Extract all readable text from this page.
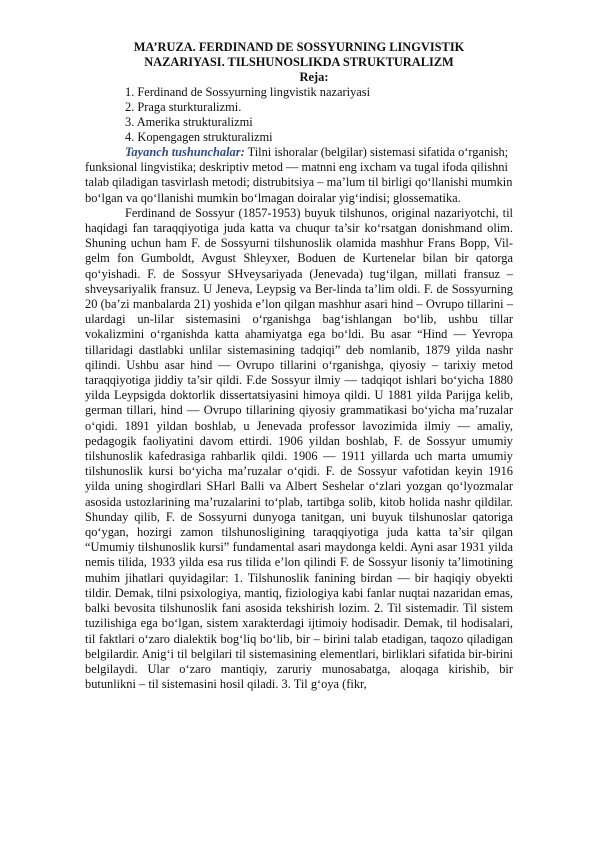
MA’RUZA. FERDINAND DE SOSSYURNING LINGVISTIK

NAZARIYASI. TILSHUNOSLIKDA STRUKTURALIZM

Reja:

1. Ferdinand de Sossyurning lingvistik nazariyasi
2. Praga sturkturalizmi.
3. Amerika strukturalizmi
4. Kopengagen strukturalizmi

Tayanch tushunchalar: Tilni ishoralar (belgilar) sistemasi sifatida o‘rganish; funksional lingvistika; deskriptiv metod — matnni eng ixcham va tugal ifoda qilishni talab qiladigan tasvirlash metodi; distrubitsiya – ma’lum til birligi qo‘llanishi mumkin bo‘lgan va qo‘llanishi mumkin bo‘lmagan doiralar yig‘indisi; glossematika.

Ferdinand de Sossyur (1857-1953) buyuk tilshunos, original nazariyotchi, til haqidagi fan taraqqiyotiga juda katta va chuqur ta’sir ko‘rsatgan donishmand olim. Shuning uchun ham F. de Sossyurni tilshunoslik olamida mashhur Frans Bopp, Vil-gelm fon Gumboldt, Avgust Shleyxer, Boduen de Kurtenelar bilan bir qatorga qo‘yishadi. F. de Sossyur SHveysariyada (Jenevada) tug‘ilgan, millati fransuz – shveysariyalik fransuz. U Jeneva, Leypsig va Ber-linda ta’lim oldi. F. de Sossyurning 20 (ba’zi manbalarda 21) yoshida e’lon qilgan mashhur asari hind – Ovrupo tillarini – ulardagi un-lilar sistemasini o‘rganishga bag‘ishlangan bo‘lib, ushbu tillar vokalizmini o‘rganishda katta ahamiyatga ega bo‘ldi. Bu asar “Hind — Yevropa tillaridagi dastlabki unlilar sistemasining tadqiqi” deb nomlanib, 1879 yilda nashr qilindi. Ushbu asar hind — Ovrupo tillarini o‘rganishga, qiyosiy – tarixiy metod taraqqiyotiga jiddiy ta’sir qildi. F.de Sossyur ilmiy — tadqiqot ishlari bo‘yicha 1880 yilda Leypsigda doktorlik dissertatsiyasini himoya qildi. U 1881 yilda Parijga kelib, german tillari, hind — Ovrupo tillarining qiyosiy grammatikasi bo‘yicha ma’ruzalar o‘qidi. 1891 yildan boshlab, u Jenevada professor lavozimida ilmiy — amaliy, pedagogik faoliyatini davom ettirdi. 1906 yildan boshlab, F. de Sossyur umumiy tilshunoslik kafedrasiga rahbarlik qildi. 1906 — 1911 yillarda uch marta umumiy tilshunoslik kursi bo‘yicha ma’ruzalar o‘qidi. F. de Sossyur vafotidan keyin 1916 yilda uning shogirdlari SHarl Balli va Albert Seshelar o‘zlari yozgan qo‘lyozmalar asosida ustozlarining ma’ruzalarini to‘plab, tartibga solib, kitob holida nashr qildilar. Shunday qilib, F. de Sossyurni dunyoga tanitgan, uni buyuk tilshunoslar qatoriga qo‘ygan, hozirgi zamon tilshunosligining taraqqiyotiga juda katta ta’sir qilgan “Umumiy tilshunoslik kursi” fundamental asari maydonga keldi. Ayni asar 1931 yilda nemis tilida, 1933 yilda esa rus tilida e’lon qilindi F. de Sossyur lisoniy ta’limotining muhim jihatlari quyidagilar: 1. Tilshunoslik fanining birdan — bir haqiqiy obyekti tildir. Demak, tilni psixologiya, mantiq, fiziologiya kabi fanlar nuqtai nazaridan emas, balki bevosita tilshunoslik fani asosida tekshirish lozim. 2. Til sistemadir. Til sistem tuzilishiga ega bo‘lgan, sistem xarakterdagi ijtimoiy hodisadir. Demak, til hodisalari, til faktlari o‘zaro dialektik bog‘liq bo‘lib, bir – birini talab etadigan, taqozo qiladigan belgilardir. Anig‘i til belgilari til sistemasining elementlari, birliklari sifatida bir-birini belgilaydi. Ular o‘zaro mantiqiy, zaruriy munosabatga, aloqaga kirishib, bir butunlikni – til sistemasini hosil qiladi. 3. Til g‘oya (fikr,
